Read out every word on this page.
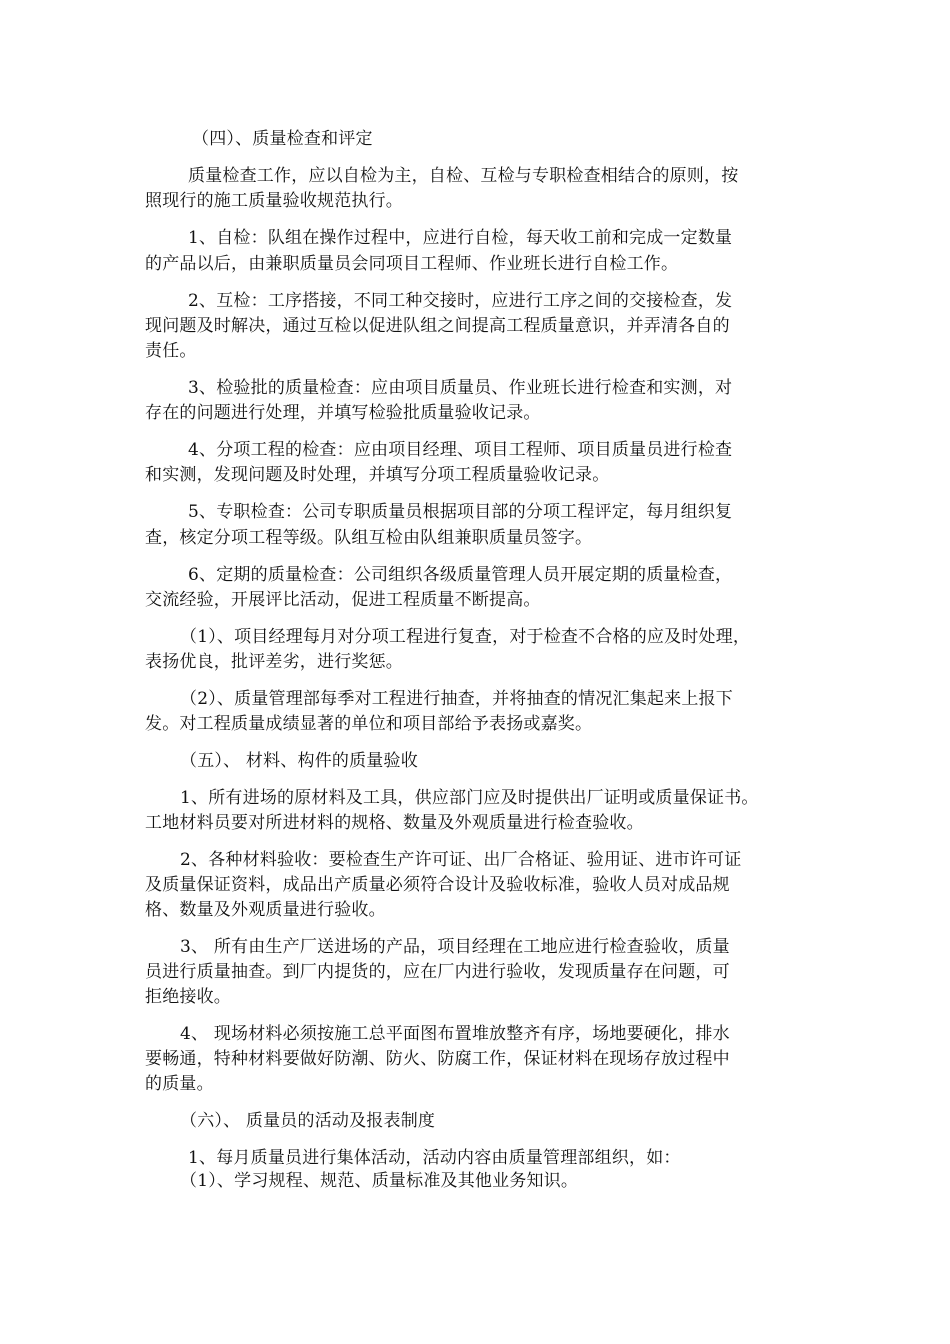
（四）、质量检查和评定

质量检查工作，应以自检为主，自检、互检与专职检查相结合的原则，按

照现行的施工质量验收规范执行。

1、自检：队组在操作过程中，应进行自检，每天收工前和完成一定数量

的产品以后，由兼职质量员会同项目工程师、作业班长进行自检工作。

2、互检：工序搭接，不同工种交接时，应进行工序之间的交接检查，发

现问题及时解决，通过互检以促进队组之间提高工程质量意识，并弄清各自的

责任。

3、检验批的质量检查：应由项目质量员、作业班长进行检查和实测，对

存在的问题进行处理，并填写检验批质量验收记录。

4、分项工程的检查：应由项目经理、项目工程师、项目质量员进行检查

和实测，发现问题及时处理，并填写分项工程质量验收记录。

5、专职检查：公司专职质量员根据项目部的分项工程评定，每月组织复

查，核定分项工程等级。队组互检由队组兼职质量员签字。

6、定期的质量检查：公司组织各级质量管理人员开展定期的质量检查，

交流经验，开展评比活动，促进工程质量不断提高。

（1）、项目经理每月对分项工程进行复查，对于检查不合格的应及时处理，

表扬优良，批评差劣，进行奖惩。

（2）、质量管理部每季对工程进行抽查，并将抽查的情况汇集起来上报下

发。对工程质量成绩显著的单位和项目部给予表扬或嘉奖。

（五）、 材料、构件的质量验收

1、所有进场的原材料及工具，供应部门应及时提供出厂证明或质量保证书。

工地材料员要对所进材料的规格、数量及外观质量进行检查验收。

2、各种材料验收：要检查生产许可证、出厂合格证、验用证、进市许可证

及质量保证资料，成品出产质量必须符合设计及验收标准，验收人员对成品规

格、数量及外观质量进行验收。

3、 所有由生产厂送进场的产品，项目经理在工地应进行检查验收，质量

员进行质量抽查。到厂内提货的，应在厂内进行验收，发现质量存在问题，可

拒绝接收。

4、 现场材料必须按施工总平面图布置堆放整齐有序，场地要硬化，排水

要畅通，特种材料要做好防潮、防火、防腐工作，保证材料在现场存放过程中

的质量。

（六）、 质量员的活动及报表制度

1、每月质量员进行集体活动，活动内容由质量管理部组织，如：

（1）、学习规程、规范、质量标准及其他业务知识。
